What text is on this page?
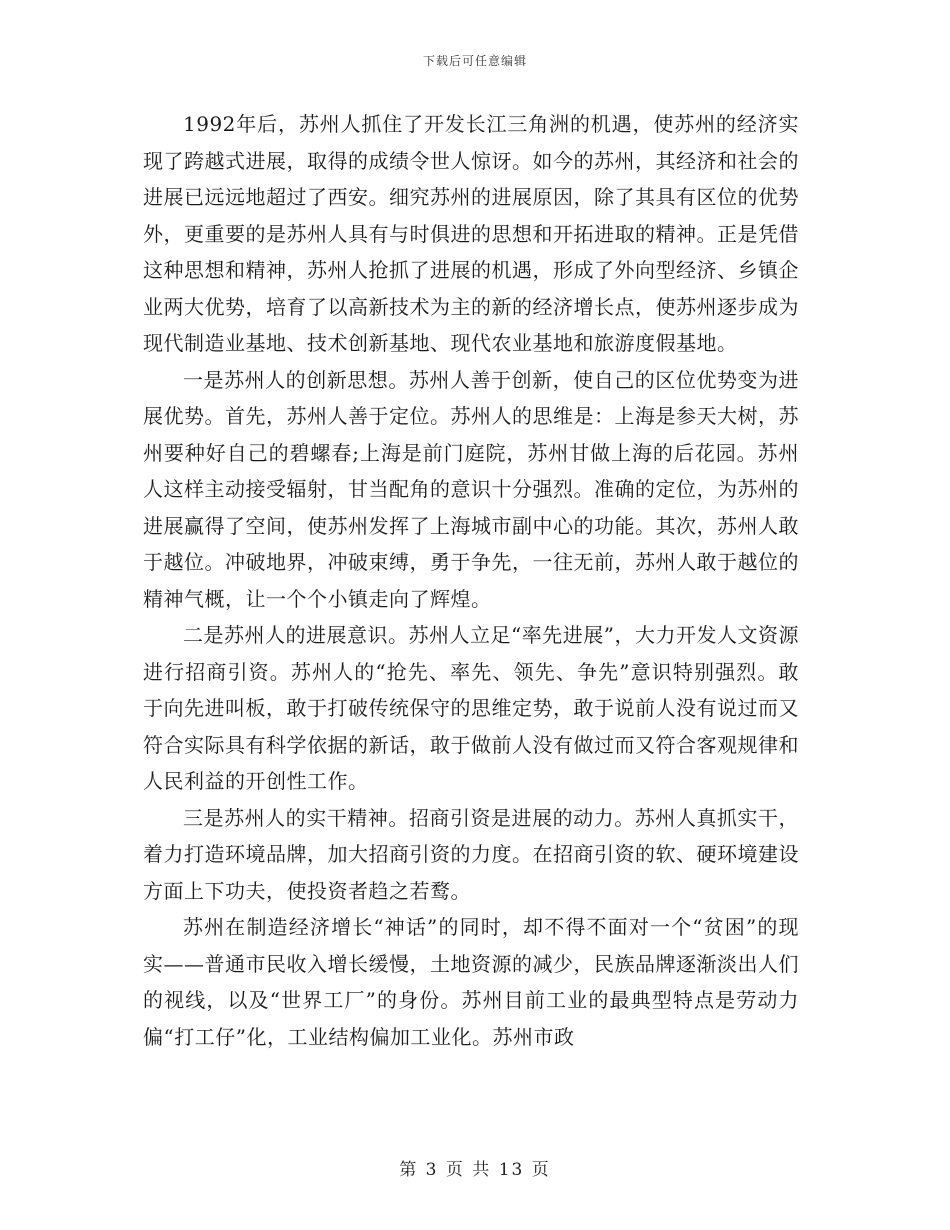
下载后可任意编辑

1992年后，苏州人抓住了开发长江三角洲的机遇，使苏州的经济实现了跨越式进展，取得的成绩令世人惊讶。如今的苏州，其经济和社会的进展已远远地超过了西安。细究苏州的进展原因，除了其具有区位的优势外，更重要的是苏州人具有与时俱进的思想和开拓进取的精神。正是凭借这种思想和精神，苏州人抢抓了进展的机遇，形成了外向型经济、乡镇企业两大优势，培育了以高新技术为主的新的经济增长点，使苏州逐步成为现代制造业基地、技术创新基地、现代农业基地和旅游度假基地。

一是苏州人的创新思想。苏州人善于创新，使自己的区位优势变为进展优势。首先，苏州人善于定位。苏州人的思维是：上海是参天大树，苏州要种好自己的碧螺春;上海是前门庭院，苏州甘做上海的后花园。苏州人这样主动接受辐射，甘当配角的意识十分强烈。准确的定位，为苏州的进展赢得了空间，使苏州发挥了上海城市副中心的功能。其次，苏州人敢于越位。冲破地界，冲破束缚，勇于争先，一往无前，苏州人敢于越位的精神气概，让一个个小镇走向了辉煌。

二是苏州人的进展意识。苏州人立足“率先进展”，大力开发人文资源进行招商引资。苏州人的“抢先、率先、领先、争先”意识特别强烈。敢于向先进叫板，敢于打破传统保守的思维定势，敢于说前人没有说过而又符合实际具有科学依据的新话，敢于做前人没有做过而又符合客观规律和人民利益的开创性工作。

三是苏州人的实干精神。招商引资是进展的动力。苏州人真抓实干，着力打造环境品牌，加大招商引资的力度。在招商引资的软、硬环境建设方面上下功夫，使投资者趋之若鹜。

苏州在制造经济增长“神话”的同时，却不得不面对一个“贫困”的现实——普通市民收入增长缓慢，土地资源的减少，民族品牌逐渐淡出人们的视线，以及“世界工厂”的身份。苏州目前工业的最典型特点是劳动力偏“打工仔”化，工业结构偏加工业化。苏州市政

第 3 页 共 13 页
